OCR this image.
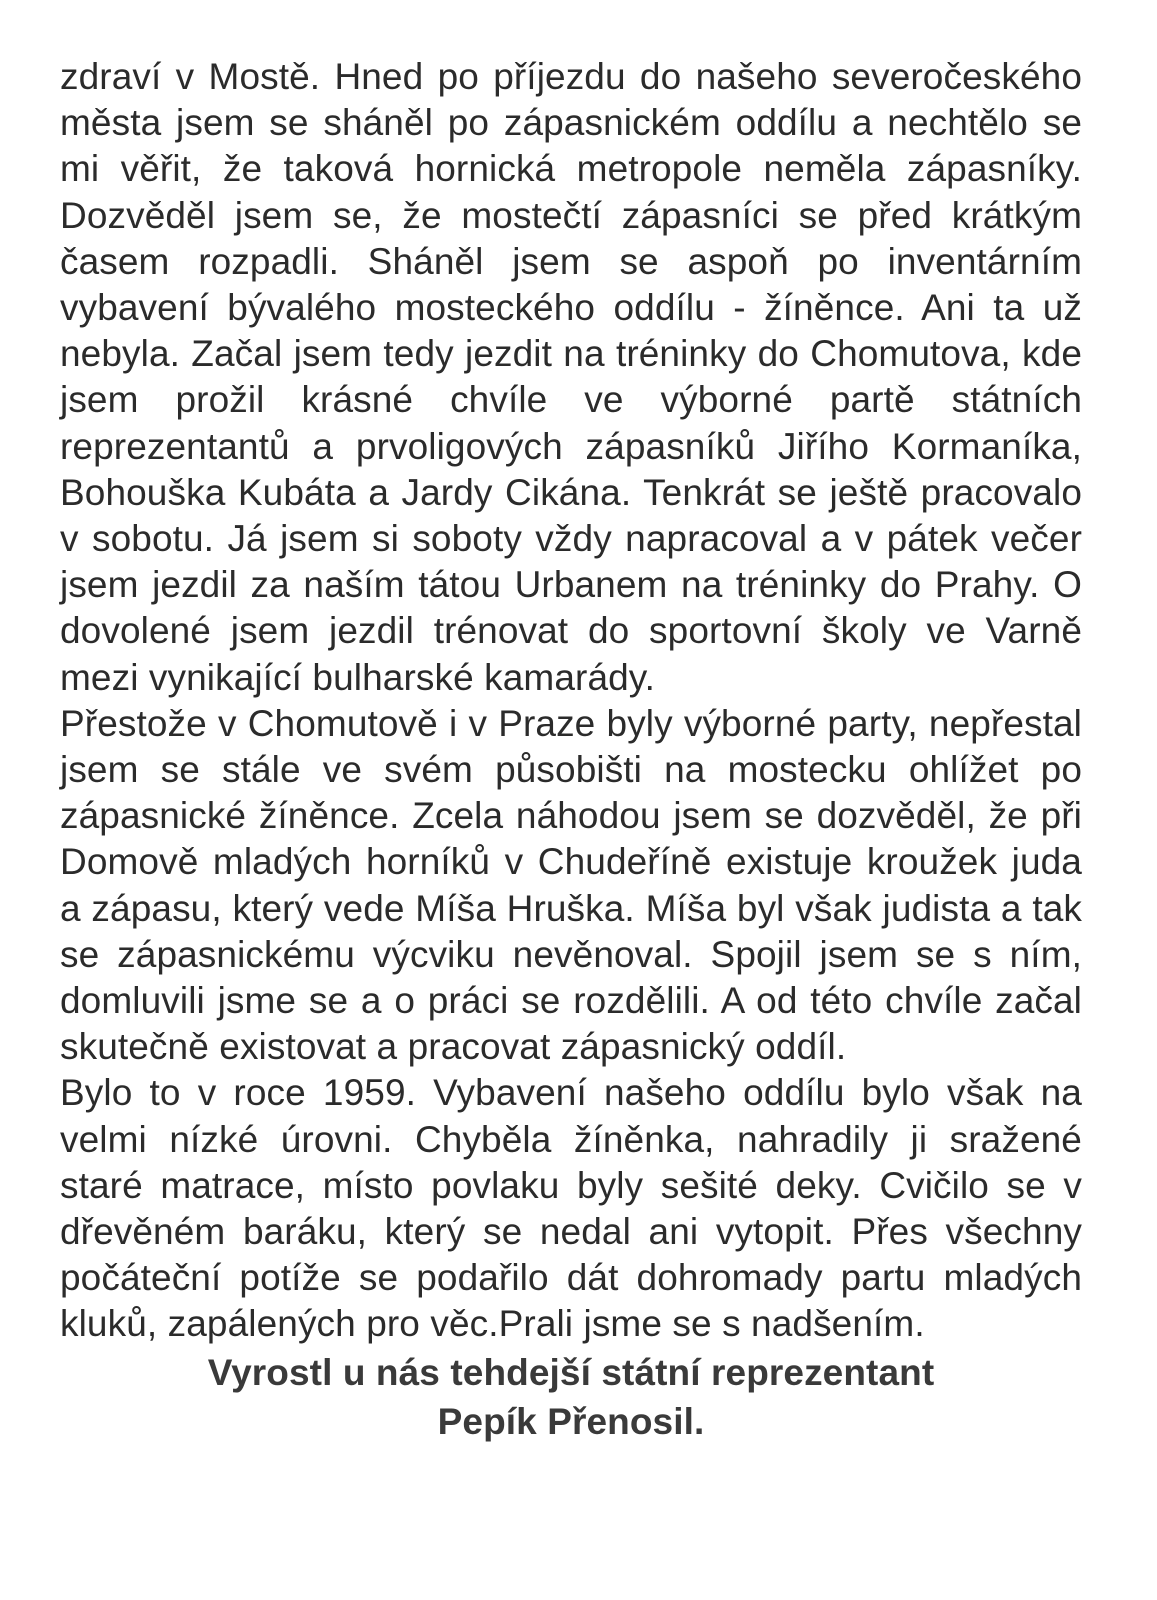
zdraví v Mostě. Hned po příjezdu do našeho severočeského města jsem se sháněl po zápasnickém oddílu a nechtělo se mi věřit, že taková hornická metropole neměla zápasníky. Dozvěděl jsem se, že mostečtí zápasníci se před krátkým časem rozpadli. Sháněl jsem se aspoň po inventárním vybavení bývalého mosteckého oddílu - žíněnce. Ani ta už nebyla. Začal jsem tedy jezdit na tréninky do Chomutova, kde jsem prožil krásné chvíle ve výborné partě státních reprezentantů a prvoligových zápasníků Jiřího Kormaníka, Bohouška Kubáta a Jardy Cikána. Tenkrát se ještě pracovalo v sobotu. Já jsem si soboty vždy napracoval a v pátek večer jsem jezdil za naším tátou Urbanem na tréninky do Prahy. O dovolené jsem jezdil trénovat do sportovní školy ve Varně mezi vynikající bulharské kamarády.

Přestože v Chomutově i v Praze byly výborné party, nepřestal jsem se stále ve svém působišti na mostecku ohlížet po zápasnické žíněnce. Zcela náhodou jsem se dozvěděl, že při Domově mladých horníků v Chudeříně existuje kroužek juda a zápasu, který vede Míša Hruška. Míša byl však judista a tak se zápasnickému výcviku nevěnoval. Spojil jsem se s ním, domluvili jsme se a o práci se rozdělili. A od této chvíle začal skutečně existovat a pracovat zápasnický oddíl.

Bylo to v roce 1959. Vybavení našeho oddílu bylo však na velmi nízké úrovni. Chyběla žíněnka, nahradily ji sražené staré matrace, místo povlaku byly sešité deky. Cvičilo se v dřevěném baráku, který se nedal ani vytopit. Přes všechny počáteční potíže se podařilo dát dohromady partu mladých kluků, zapálených pro věc.Prali jsme se s nadšením.

Vyrostl u nás tehdejší státní reprezentant
Pepík Přenosil.
